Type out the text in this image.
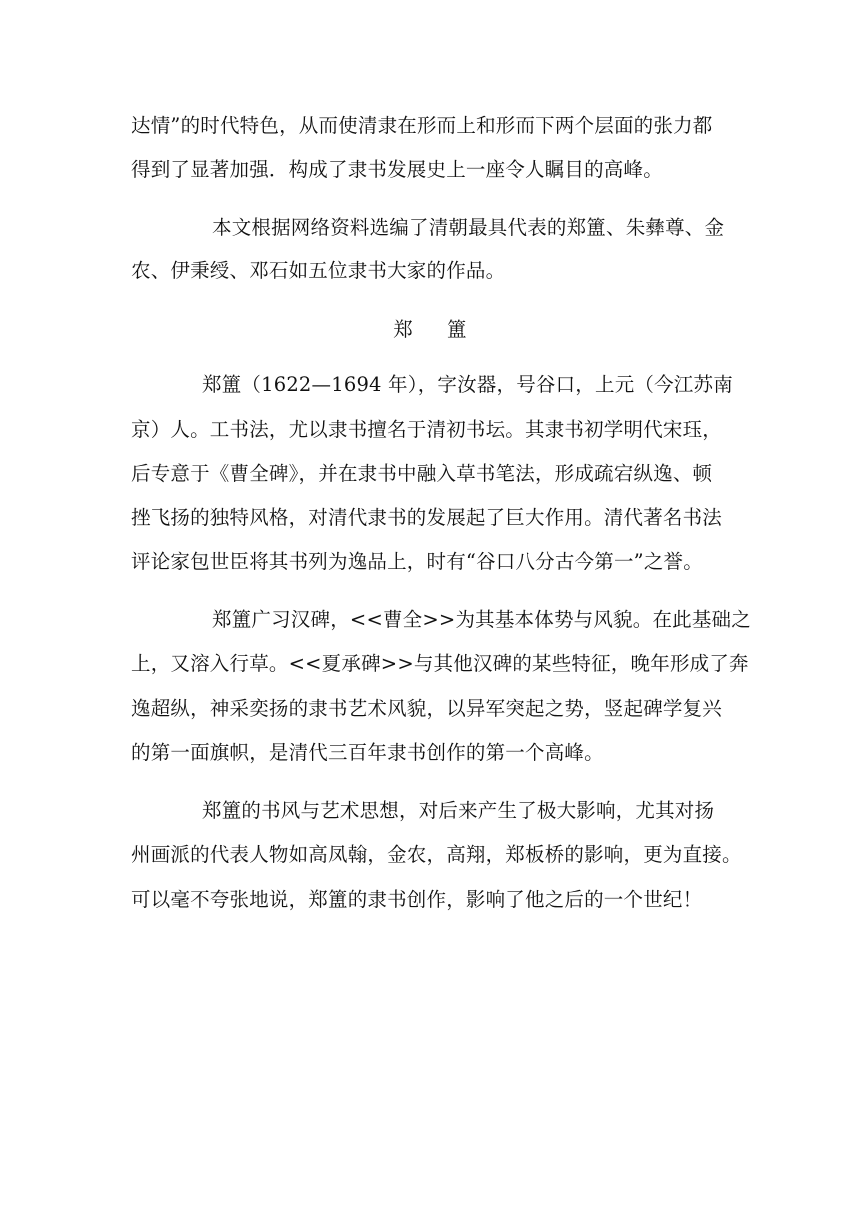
达情”的时代特色，从而使清隶在形而上和形而下两个层面的张力都
得到了显著加强．构成了隶书发展史上一座令人瞩目的高峰。
本文根据网络资料选编了清朝最具代表的郑簠、朱彝尊、金
农、伊秉绶、邓石如五位隶书大家的作品。
郑 簠
郑簠（1622—1694 年），字汝器，号谷口，上元（今江苏南
京）人。工书法，尤以隶书擅名于清初书坛。其隶书初学明代宋珏，
后专意于《曹全碑》，并在隶书中融入草书笔法，形成疏宕纵逸、顿
挫飞扬的独特风格，对清代隶书的发展起了巨大作用。清代著名书法
评论家包世臣将其书列为逸品上，时有“谷口八分古今第一”之誉。
郑簠广习汉碑，<<曹全>>为其基本体势与风貌。在此基础之
上，又溶入行草。<<夏承碑>>与其他汉碑的某些特征，晚年形成了奔
逸超纵，神采奕扬的隶书艺术风貌，以异军突起之势，竖起碑学复兴
的第一面旗帜，是清代三百年隶书创作的第一个高峰。
郑簠的书风与艺术思想，对后来产生了极大影响，尤其对扬
州画派的代表人物如高凤翰，金农，高翔，郑板桥的影响，更为直接。
可以毫不夸张地说，郑簠的隶书创作，影响了他之后的一个世纪！
